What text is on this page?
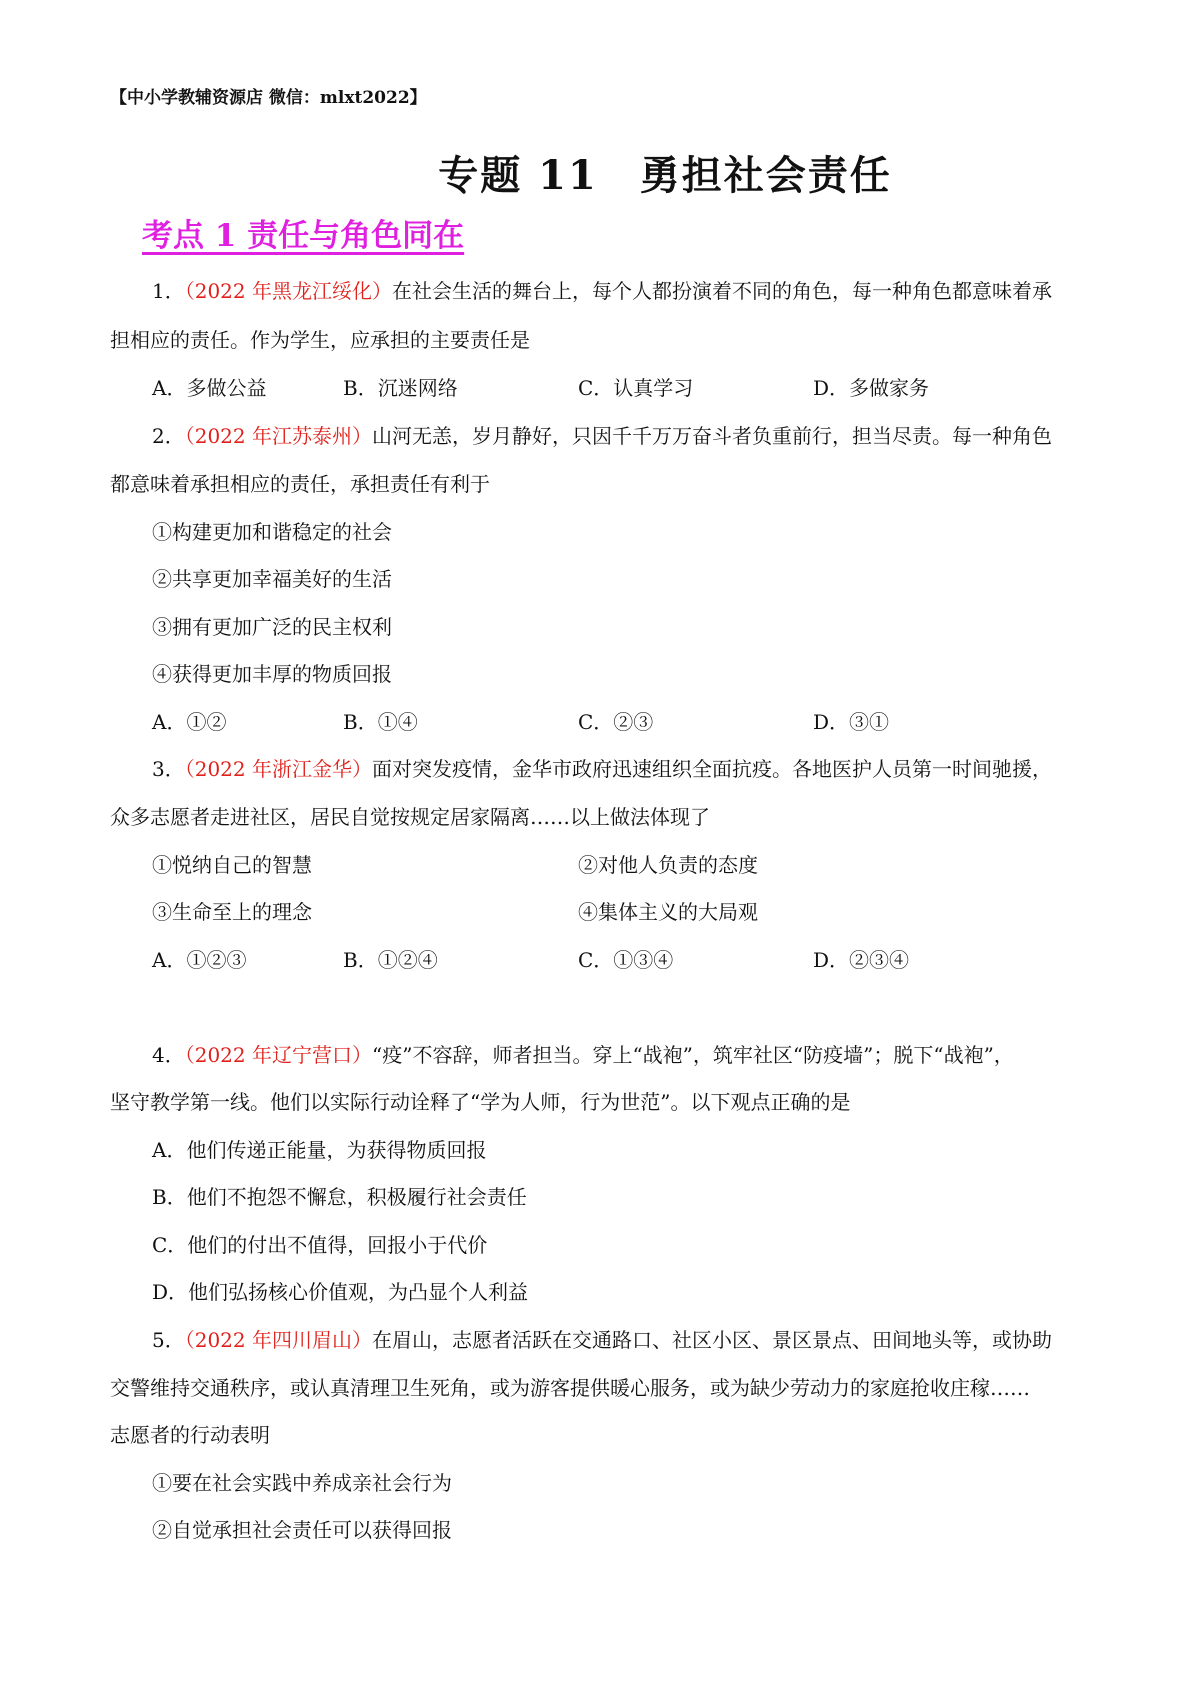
【中小学教辅资源店 微信：mlxt2022】
专题 11　勇担社会责任
考点 1 责任与角色同在
1．（2022 年黑龙江绥化）在社会生活的舞台上，每个人都扮演着不同的角色，每一种角色都意味着承
担相应的责任。作为学生，应承担的主要责任是
A．多做公益	B．沉迷网络	C．认真学习	D．多做家务
2．（2022 年江苏泰州）山河无恙，岁月静好，只因千千万万奋斗者负重前行，担当尽责。每一种角色
都意味着承担相应的责任，承担责任有利于
①构建更加和谐稳定的社会
②共享更加幸福美好的生活
③拥有更加广泛的民主权利
④获得更加丰厚的物质回报
A．①②	B．①④	C．②③	D．③①
3．（2022 年浙江金华）面对突发疫情，金华市政府迅速组织全面抗疫。各地医护人员第一时间驰援，
众多志愿者走进社区，居民自觉按规定居家隔离……以上做法体现了
①悦纳自己的智慧	②对他人负责的态度
③生命至上的理念	④集体主义的大局观
A．①②③	B．①②④	C．①③④	D．②③④
4．（2022 年辽宁营口）“疫”不容辞，师者担当。穿上“战袍”，筑牢社区“防疫墙”；脱下“战袍”，
坚守教学第一线。他们以实际行动诠释了“学为人师，行为世范”。以下观点正确的是
A．他们传递正能量，为获得物质回报
B．他们不抱怨不懈怠，积极履行社会责任
C．他们的付出不值得，回报小于代价
D．他们弘扬核心价值观，为凸显个人利益
5．（2022 年四川眉山）在眉山，志愿者活跃在交通路口、社区小区、景区景点、田间地头等，或协助
交警维持交通秩序，或认真清理卫生死角，或为游客提供暖心服务，或为缺少劳动力的家庭抢收庄稼……
志愿者的行动表明
①要在社会实践中养成亲社会行为
②自觉承担社会责任可以获得回报
